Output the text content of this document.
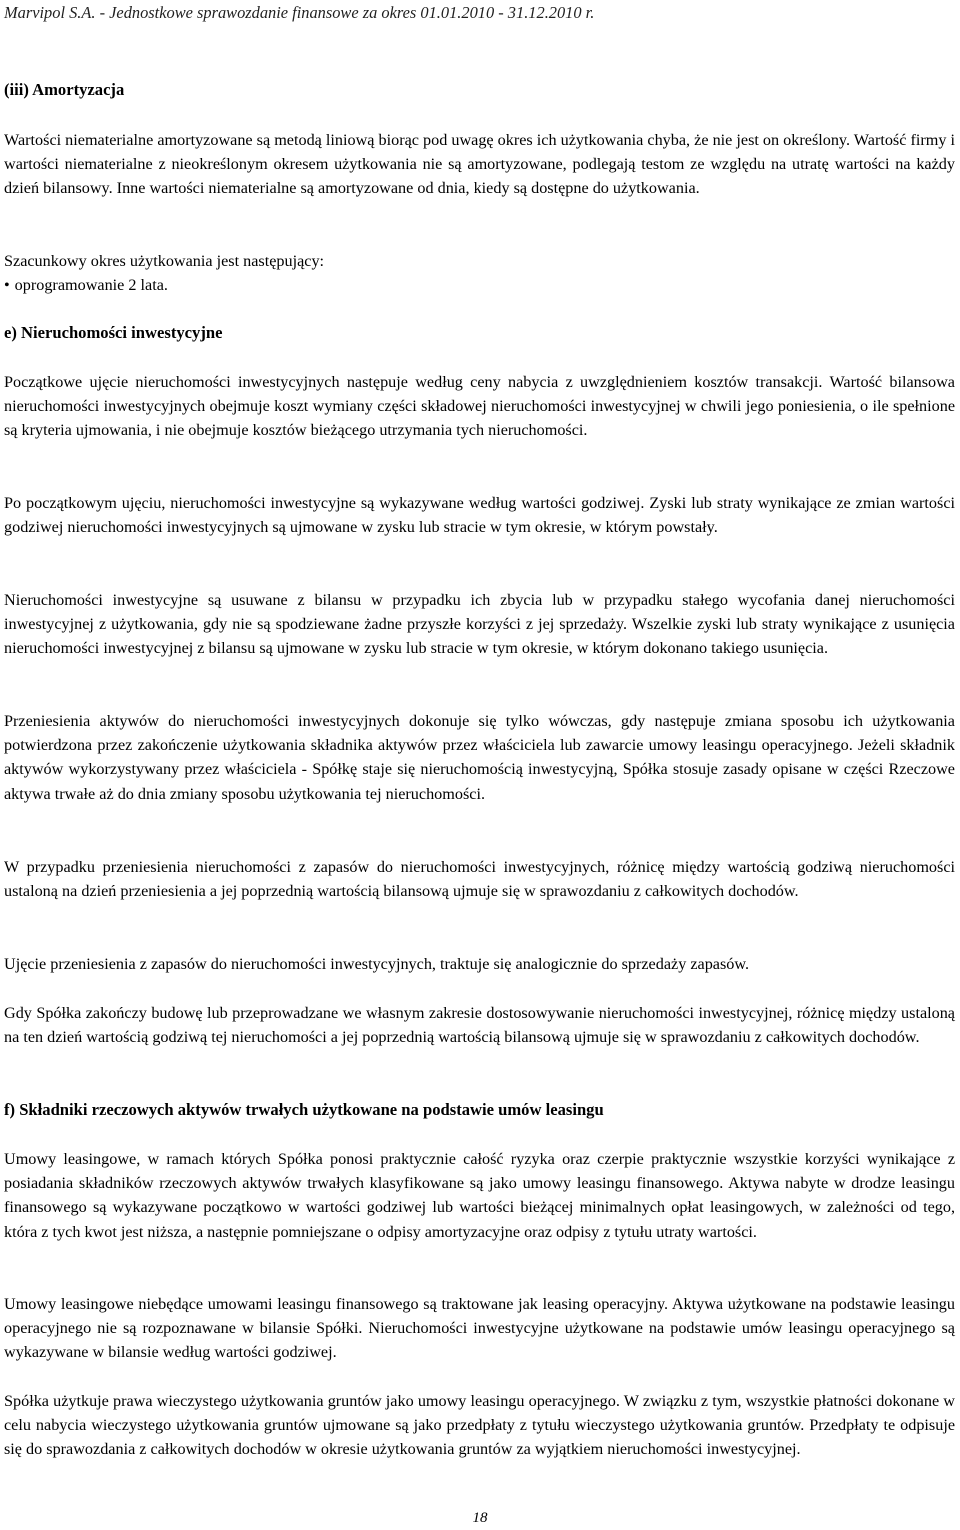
Marvipol S.A. - Jednostkowe sprawozdanie finansowe za okres 01.01.2010 - 31.12.2010 r.
(iii) Amortyzacja

Wartości niematerialne amortyzowane są metodą liniową biorąc pod uwagę okres ich użytkowania chyba, że nie jest on określony. Wartość firmy i wartości niematerialne z nieokreślonym okresem użytkowania nie są amortyzowane, podlegają testom ze względu na utratę wartości na każdy dzień bilansowy. Inne wartości niematerialne są amortyzowane od dnia, kiedy są dostępne do użytkowania.

Szacunkowy okres użytkowania jest następujący:

• oprogramowanie 2 lata.

e) Nieruchomości inwestycyjne

Początkowe ujęcie nieruchomości inwestycyjnych następuje według ceny nabycia z uwzględnieniem kosztów transakcji. Wartość bilansowa nieruchomości inwestycyjnych obejmuje koszt wymiany części składowej nieruchomości inwestycyjnej w chwili jego poniesienia, o ile spełnione są kryteria ujmowania, i nie obejmuje kosztów bieżącego utrzymania tych nieruchomości.

Po początkowym ujęciu, nieruchomości inwestycyjne są wykazywane według wartości godziwej. Zyski lub straty wynikające ze zmian wartości godziwej nieruchomości inwestycyjnych są ujmowane w zysku lub stracie w tym okresie, w którym powstały.

Nieruchomości inwestycyjne są usuwane z bilansu w przypadku ich zbycia lub w przypadku stałego wycofania danej nieruchomości inwestycyjnej z użytkowania, gdy nie są spodziewane żadne przyszłe korzyści z jej sprzedaży. Wszelkie zyski lub straty wynikające z usunięcia nieruchomości inwestycyjnej z bilansu są ujmowane w zysku lub stracie w tym okresie, w którym dokonano takiego usunięcia.

Przeniesienia aktywów do nieruchomości inwestycyjnych dokonuje się tylko wówczas, gdy następuje zmiana sposobu ich użytkowania potwierdzona przez zakończenie użytkowania składnika aktywów przez właściciela lub zawarcie umowy leasingu operacyjnego. Jeżeli składnik aktywów wykorzystywany przez właściciela - Spółkę staje się nieruchomością inwestycyjną, Spółka stosuje zasady opisane w części Rzeczowe aktywa trwałe aż do dnia zmiany sposobu użytkowania tej nieruchomości.

W przypadku przeniesienia nieruchomości z zapasów do nieruchomości inwestycyjnych, różnicę między wartością godziwą nieruchomości ustaloną na dzień przeniesienia a jej poprzednią wartością bilansową ujmuje się w sprawozdaniu z całkowitych dochodów.

Ujęcie przeniesienia z zapasów do nieruchomości inwestycyjnych, traktuje się analogicznie do sprzedaży zapasów.

Gdy Spółka zakończy budowę lub przeprowadzane we własnym zakresie dostosowywanie nieruchomości inwestycyjnej, różnicę między ustaloną na ten dzień wartością godziwą tej nieruchomości a jej poprzednią wartością bilansową ujmuje się w sprawozdaniu z całkowitych dochodów.

f) Składniki rzeczowych aktywów trwałych użytkowane na podstawie umów leasingu

Umowy leasingowe, w ramach których Spółka ponosi praktycznie całość ryzyka oraz czerpie praktycznie wszystkie korzyści wynikające z posiadania składników rzeczowych aktywów trwałych klasyfikowane są jako umowy leasingu finansowego. Aktywa nabyte w drodze leasingu finansowego są wykazywane początkowo w wartości godziwej lub wartości bieżącej minimalnych opłat leasingowych, w zależności od tego, która z tych kwot jest niższa, a następnie pomniejszane o odpisy amortyzacyjne oraz odpisy z tytułu utraty wartości.

Umowy leasingowe niebędące umowami leasingu finansowego są traktowane jak leasing operacyjny. Aktywa użytkowane na podstawie leasingu operacyjnego nie są rozpoznawane w bilansie Spółki. Nieruchomości inwestycyjne użytkowane na podstawie umów leasingu operacyjnego są wykazywane w bilansie według wartości godziwej.

Spółka użytkuje prawa wieczystego użytkowania gruntów jako umowy leasingu operacyjnego. W związku z tym, wszystkie płatności dokonane w celu nabycia wieczystego użytkowania gruntów ujmowane są jako przedpłaty z tytułu wieczystego użytkowania gruntów. Przedpłaty te odpisuje się do sprawozdania z całkowitych dochodów w okresie użytkowania gruntów za wyjątkiem nieruchomości inwestycyjnej.

18
